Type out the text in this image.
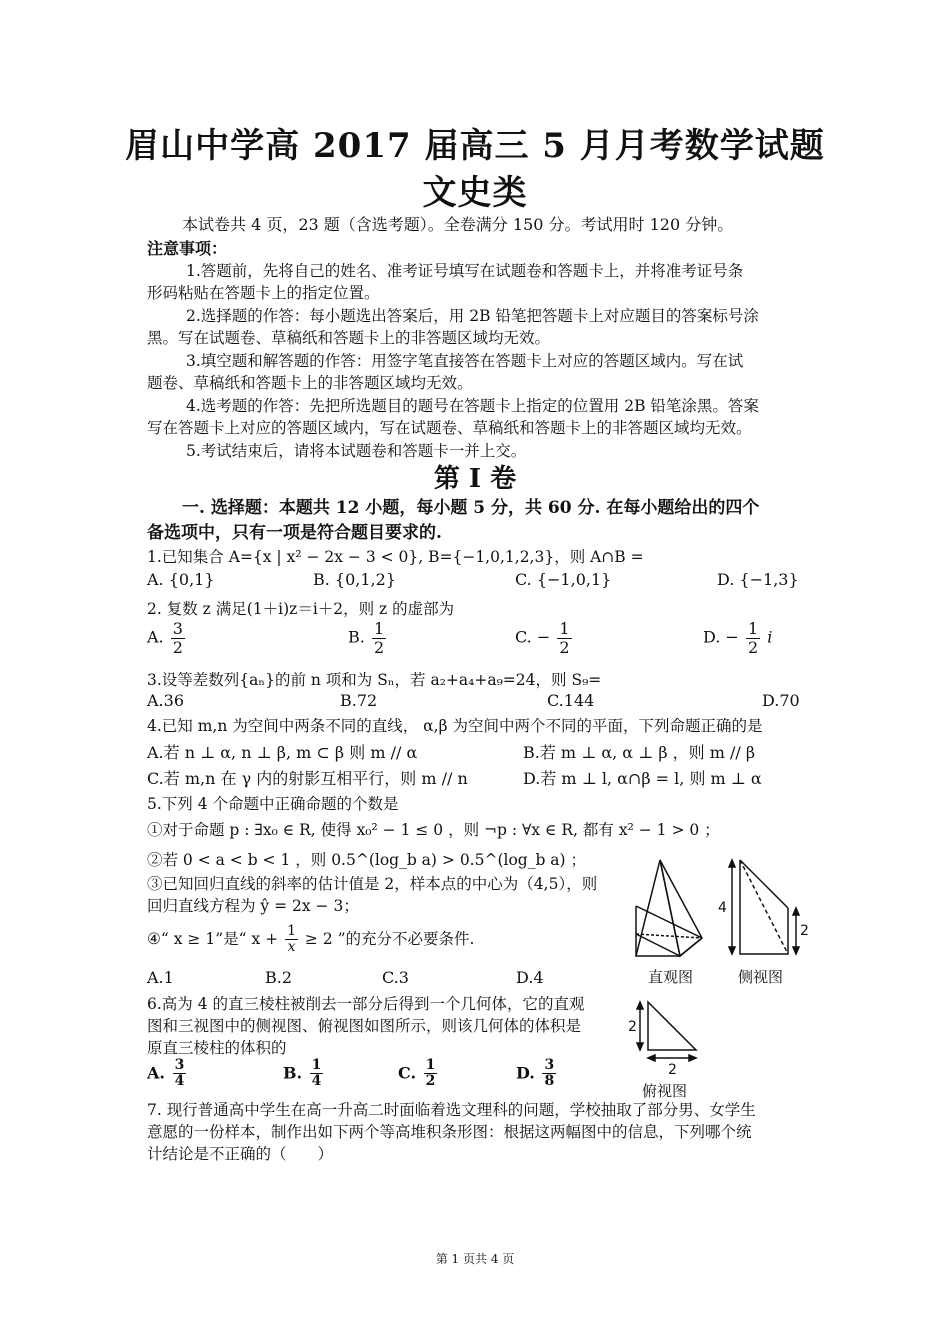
眉山中学高 2017 届高三 5 月月考数学试题
文史类
本试卷共 4 页，23 题（含选考题）。全卷满分 150 分。考试用时 120 分钟。
注意事项：
1.答题前，先将自己的姓名、准考证号填写在试题卷和答题卡上，并将准考证号条
形码粘贴在答题卡上的指定位置。
2.选择题的作答：每小题选出答案后，用 2B 铅笔把答题卡上对应题目的答案标号涂
黑。写在试题卷、草稿纸和答题卡上的非答题区域均无效。
3.填空题和解答题的作答：用签字笔直接答在答题卡上对应的答题区域内。写在试
题卷、草稿纸和答题卡上的非答题区域均无效。
4.选考题的作答：先把所选题目的题号在答题卡上指定的位置用 2B 铅笔涂黑。答案
写在答题卡上对应的答题区域内，写在试题卷、草稿纸和答题卡上的非答题区域均无效。
5.考试结束后，请将本试题卷和答题卡一并上交。
第 I 卷
一. 选择题：本题共 12 小题，每小题 5 分，共 60 分. 在每小题给出的四个
备选项中，只有一项是符合题目要求的.
1.已知集合 A={x | x² − 2x − 3 < 0}, B={−1,0,1,2,3}，则 A∩B =
A. {0,1}	B. {0,1,2}	C. {−1,0,1}	D. {−1,3}
2. 复数 z 满足(1＋i)z＝i＋2，则 z 的虚部为
A. $\frac{3}{2}$	B. $\frac{1}{2}$	C. − $\frac{1}{2}$	D. − $\frac{1}{2}$ i
3.设等差数列{aₙ}的前 n 项和为 Sₙ，若 a₂+a₄+a₉=24，则 S₉=
A.36	B.72	C.144	D.70
4.已知 m,n 为空间中两条不同的直线， α,β 为空间中两个不同的平面，下列命题正确的是
A.若 n ⊥ α, n ⊥ β, m ⊂ β 则 m // α	B.若 m ⊥ α, α ⊥ β ，则 m // β
C.若 m,n 在 γ 内的射影互相平行，则 m // n	D.若 m ⊥ l, α∩β = l, 则 m ⊥ α
5.下列 4 个命题中正确命题的个数是
①对于命题 p : ∃x₀ ∈ R, 使得 x₀² − 1 ≤ 0 ，则 ¬p : ∀x ∈ R, 都有 x² − 1 > 0 ；
②若 0 < a < b < 1 ，则 0.5^(log_b a) > 0.5^(log_b a) ；
③已知回归直线的斜率的估计值是 2，样本点的中心为（4,5），则
回归直线方程为 ŷ = 2x − 3；
④“ x ≥ 1”是“ $x + \frac{1}{x} \ge 2$ ”的充分不必要条件.
A.1	B.2	C.3	D.4
6.高为 4 的直三棱柱被削去一部分后得到一个几何体，它的直观
图和三视图中的侧视图、俯视图如图所示，则该几何体的体积是
原直三棱柱的体积的
A. $\frac{3}{4}$	B. $\frac{1}{4}$	C. $\frac{1}{2}$	D. $\frac{3}{8}$
直观图
4
2
侧视图
2
2
俯视图
7. 现行普通高中学生在高一升高二时面临着选文理科的问题，学校抽取了部分男、女学生
意愿的一份样本，制作出如下两个等高堆积条形图：根据这两幅图中的信息，下列哪个统
计结论是不正确的（　　）
第 1 页共 4 页
